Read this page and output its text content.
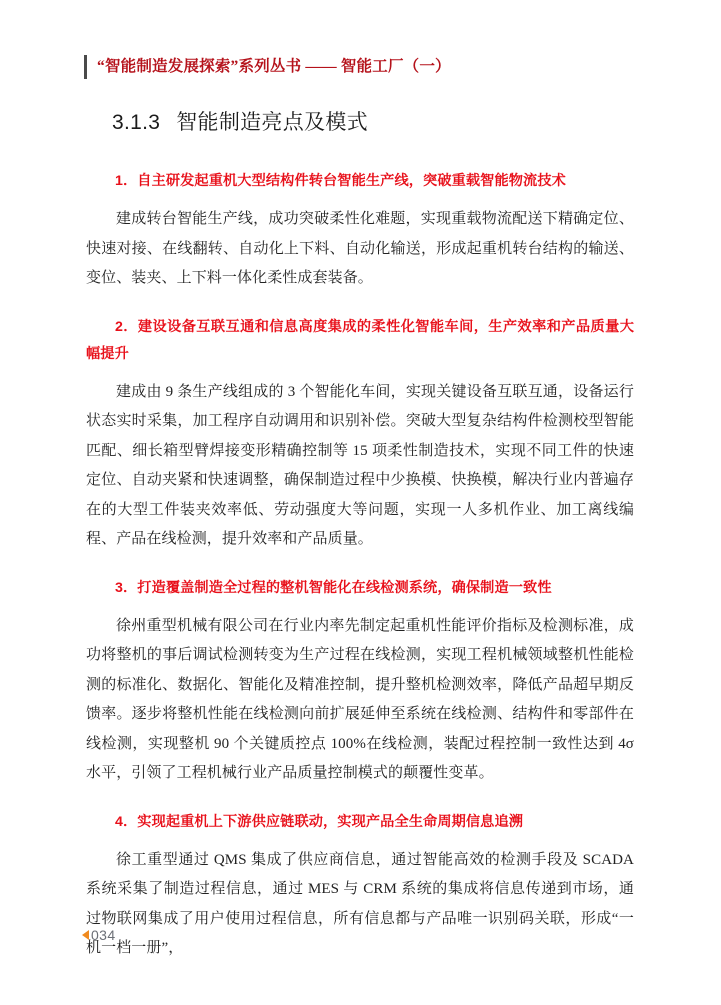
“智能制造发展探索”系列丛书 —— 智能工厂（一）
3.1.3 智能制造亮点及模式

1．自主研发起重机大型结构件转台智能生产线，突破重载智能物流技术

建成转台智能生产线，成功突破柔性化难题，实现重载物流配送下精确定位、快速对接、在线翻转、自动化上下料、自动化输送，形成起重机转台结构的输送、变位、装夹、上下料一体化柔性成套装备。

2．建设设备互联互通和信息高度集成的柔性化智能车间，生产效率和产品质量大幅提升

建成由 9 条生产线组成的 3 个智能化车间，实现关键设备互联互通，设备运行状态实时采集，加工程序自动调用和识别补偿。突破大型复杂结构件检测校型智能匹配、细长箱型臂焊接变形精确控制等 15 项柔性制造技术，实现不同工件的快速定位、自动夹紧和快速调整，确保制造过程中少换模、快换模，解决行业内普遍存在的大型工件装夹效率低、劳动强度大等问题，实现一人多机作业、加工离线编程、产品在线检测，提升效率和产品质量。

3．打造覆盖制造全过程的整机智能化在线检测系统，确保制造一致性

徐州重型机械有限公司在行业内率先制定起重机性能评价指标及检测标准，成功将整机的事后调试检测转变为生产过程在线检测，实现工程机械领域整机性能检测的标准化、数据化、智能化及精准控制，提升整机检测效率，降低产品超早期反馈率。逐步将整机性能在线检测向前扩展延伸至系统在线检测、结构件和零部件在线检测，实现整机 90 个关键质控点 100%在线检测，装配过程控制一致性达到 4σ 水平，引领了工程机械行业产品质量控制模式的颠覆性变革。

4．实现起重机上下游供应链联动，实现产品全生命周期信息追溯

徐工重型通过 QMS 集成了供应商信息，通过智能高效的检测手段及 SCADA 系统采集了制造过程信息，通过 MES 与 CRM 系统的集成将信息传递到市场，通过物联网集成了用户使用过程信息，所有信息都与产品唯一识别码关联，形成“一机一档一册”，

034
